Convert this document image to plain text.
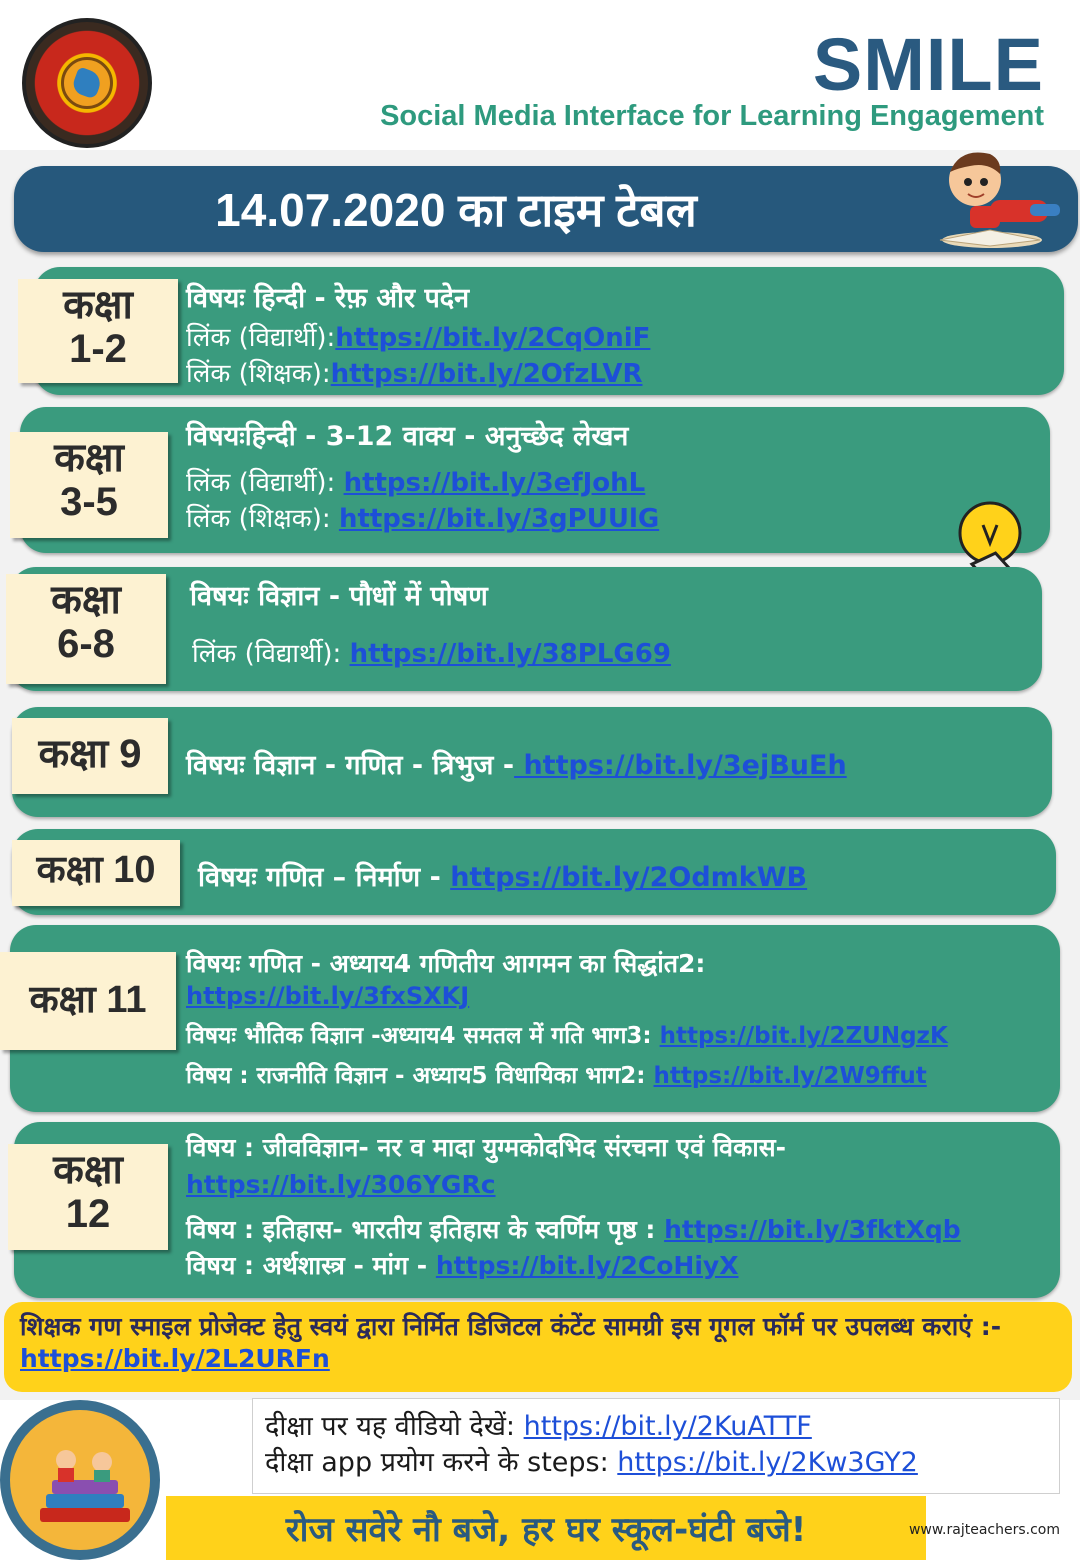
SMILE
Social Media Interface for Learning Engagement
14.07.2020 का टाइम टेबल
कक्षा
1-2
विषयः हिन्दी - रेफ़ और पदेन
लिंक (विद्यार्थी):https://bit.ly/2CqOniF
लिंक (शिक्षक):https://bit.ly/2OfzLVR
कक्षा
3-5
विषयःहिन्दी - 3-12 वाक्य - अनुच्छेद लेखन
लिंक (विद्यार्थी): https://bit.ly/3efJohL
लिंक (शिक्षक): https://bit.ly/3gPUUlG
कक्षा
6-8
विषयः विज्ञान - पौधों में पोषण
लिंक (विद्यार्थी): https://bit.ly/38PLG69
कक्षा 9	विषयः विज्ञान - गणित - त्रिभुज - https://bit.ly/3ejBuEh
कक्षा 10	विषयः गणित – निर्माण - https://bit.ly/2OdmkWB
कक्षा 11
विषयः गणित - अध्याय4 गणितीय आगमन का सिद्धांत2:
https://bit.ly/3fxSXKJ
विषयः भौतिक विज्ञान -अध्याय4 समतल में गति भाग3: https://bit.ly/2ZUNgzK
विषय : राजनीति विज्ञान - अध्याय5 विधायिका भाग2: https://bit.ly/2W9ffut
कक्षा
12
विषय : जीवविज्ञान- नर व मादा युग्मकोदभिद संरचना एवं विकास-
https://bit.ly/306YGRc
विषय : इतिहास- भारतीय इतिहास के स्वर्णिम पृष्ठ : https://bit.ly/3fktXqb
विषय : अर्थशास्त्र - मांग - https://bit.ly/2CoHiyX
शिक्षक गण स्माइल प्रोजेक्ट हेतु स्वयं द्वारा निर्मित डिजिटल कंटेंट सामग्री इस गूगल फॉर्म पर उपलब्ध कराएं :- https://bit.ly/2L2URFn
दीक्षा पर यह वीडियो देखें: https://bit.ly/2KuATTF
दीक्षा app प्रयोग करने के steps: https://bit.ly/2Kw3GY2
रोज सवेरे नौ बजे, हर घर स्कूल-घंटी बजे!	www.rajteachers.com
